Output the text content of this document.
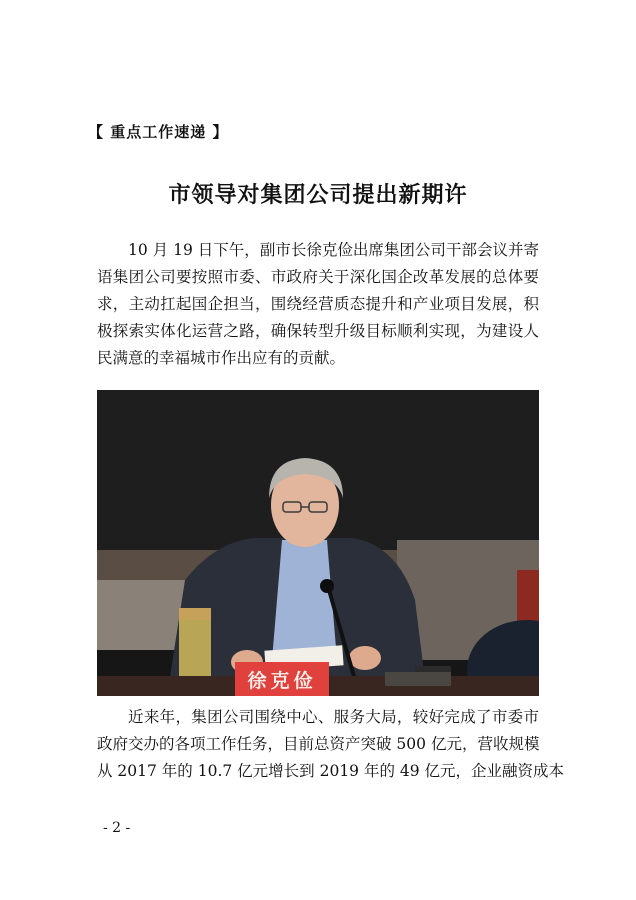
【 重点工作速递 】
市领导对集团公司提出新期许
10 月 19 日下午，副市长徐克俭出席集团公司干部会议并寄
语集团公司要按照市委、市政府关于深化国企改革发展的总体要
求，主动扛起国企担当，围绕经营质态提升和产业项目发展，积
极探索实体化运营之路，确保转型升级目标顺利实现，为建设人
民满意的幸福城市作出应有的贡献。
徐克俭
近来年，集团公司围绕中心、服务大局，较好完成了市委市
政府交办的各项工作任务，目前总资产突破 500 亿元，营收规模
从 2017 年的 10.7 亿元增长到 2019 年的 49 亿元，企业融资成本
- 2 -
